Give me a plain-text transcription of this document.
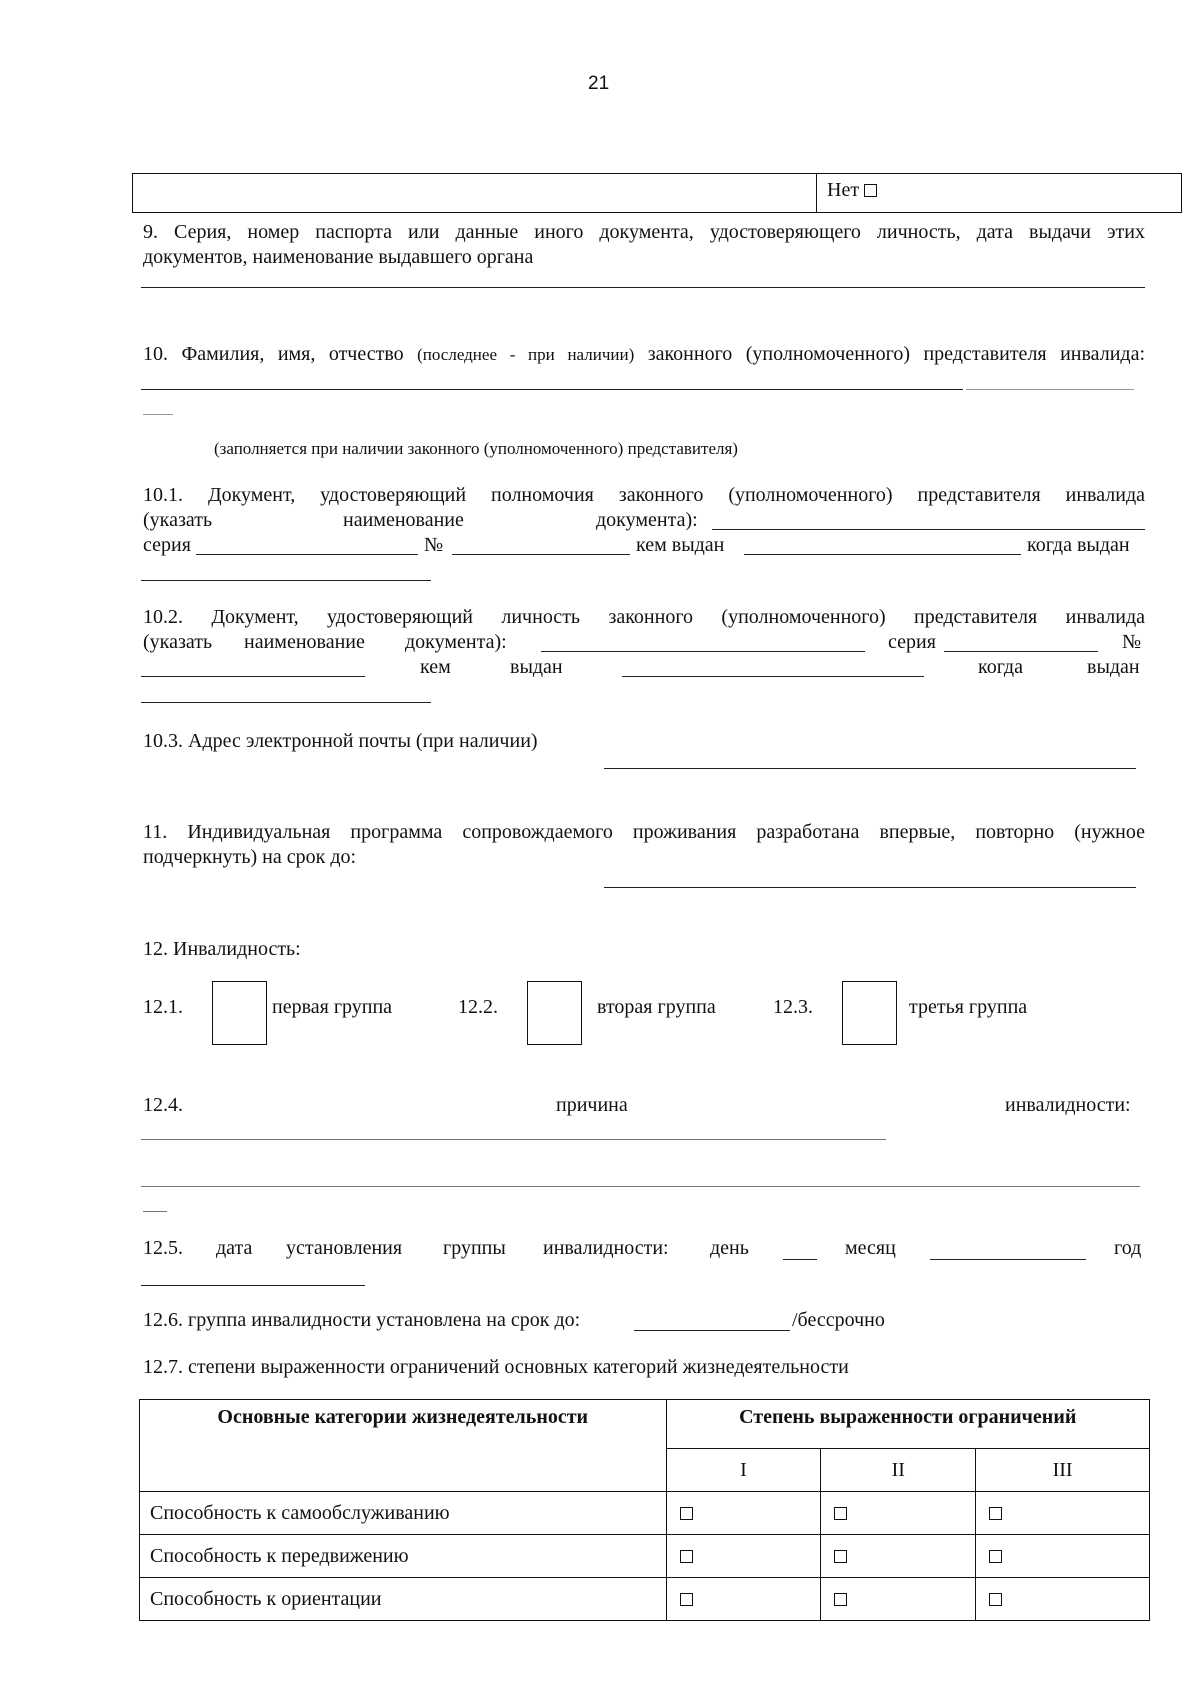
21
Нет
9. Серия, номер паспорта или данные иного документа, удостоверяющего личность, дата выдачи этих
документов, наименование выдавшего органа
10. Фамилия, имя, отчество (последнее - при наличии) законного (уполномоченного) представителя инвалида:
(заполняется при наличии законного (уполномоченного) представителя)
10.1. Документ, удостоверяющий полномочия законного (уполномоченного) представителя инвалида
(указать	наименование	документа):
серия	№	кем выдан	когда выдан
10.2. Документ, удостоверяющий личность законного (уполномоченного) представителя инвалида
(указать наименование документа):	серия	№
кем	выдан	когда	выдан
10.3. Адрес электронной почты (при наличии)
11. Индивидуальная программа сопровождаемого проживания разработана впервые, повторно (нужное
подчеркнуть) на срок до:
12. Инвалидность:
12.1.	первая группа	12.2.	вторая группа	12.3.	третья группа
12.4.	причина	инвалидности:
12.5. дата установления группы инвалидности: день	месяц	год
12.6. группа инвалидности установлена на срок до:	/бессрочно
12.7. степени выраженности ограничений основных категорий жизнедеятельности
Основные категории жизнедеятельности	Степень выраженности ограничений		
	I	II	III
Способность к самообслуживанию			
Способность к передвижению			
Способность к ориентации			
